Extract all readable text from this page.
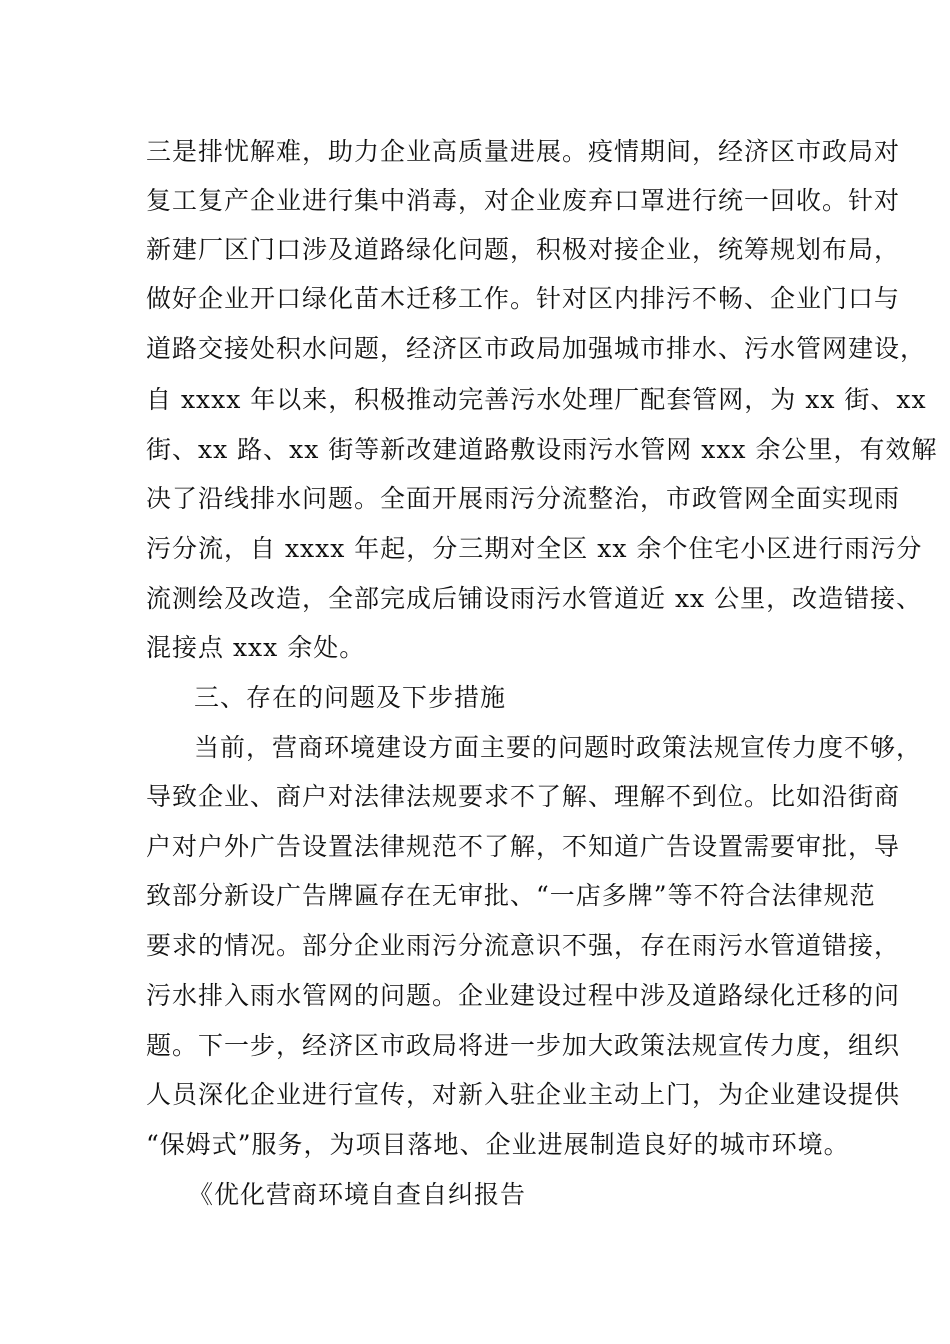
三是排忧解难，助力企业高质量进展。疫情期间，经济区市政局对
复工复产企业进行集中消毒，对企业废弃口罩进行统一回收。针对
新建厂区门口涉及道路绿化问题，积极对接企业，统筹规划布局，
做好企业开口绿化苗木迁移工作。针对区内排污不畅、企业门口与
道路交接处积水问题，经济区市政局加强城市排水、污水管网建设，
自 xxxx 年以来，积极推动完善污水处理厂配套管网，为 xx 街、xx
街、xx 路、xx 街等新改建道路敷设雨污水管网 xxx 余公里，有效解
决了沿线排水问题。全面开展雨污分流整治，市政管网全面实现雨
污分流，自 xxxx 年起，分三期对全区 xx 余个住宅小区进行雨污分
流测绘及改造，全部完成后铺设雨污水管道近 xx 公里，改造错接、
混接点 xxx 余处。
三、存在的问题及下步措施
当前，营商环境建设方面主要的问题时政策法规宣传力度不够，
导致企业、商户对法律法规要求不了解、理解不到位。比如沿街商
户对户外广告设置法律规范不了解，不知道广告设置需要审批，导
致部分新设广告牌匾存在无审批、“一店多牌”等不符合法律规范
要求的情况。部分企业雨污分流意识不强，存在雨污水管道错接，
污水排入雨水管网的问题。企业建设过程中涉及道路绿化迁移的问
题。下一步，经济区市政局将进一步加大政策法规宣传力度，组织
人员深化企业进行宣传，对新入驻企业主动上门，为企业建设提供
“保姆式”服务，为项目落地、企业进展制造良好的城市环境。
《优化营商环境自查自纠报告
